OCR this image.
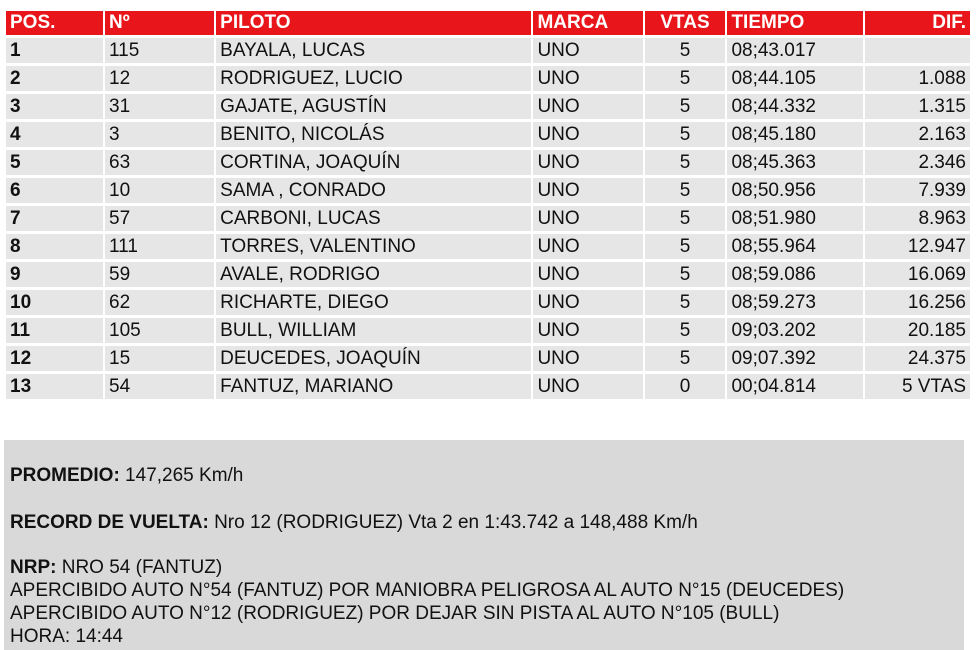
POS.	Nº	PILOTO	MARCA	VTAS	TIEMPO	DIF.
1	115	BAYALA, LUCAS	UNO	5	08;43.017	
2	12	RODRIGUEZ, LUCIO	UNO	5	08;44.105	1.088
3	31	GAJATE, AGUSTÍN	UNO	5	08;44.332	1.315
4	3	BENITO, NICOLÁS	UNO	5	08;45.180	2.163
5	63	CORTINA, JOAQUÍN	UNO	5	08;45.363	2.346
6	10	SAMA , CONRADO	UNO	5	08;50.956	7.939
7	57	CARBONI, LUCAS	UNO	5	08;51.980	8.963
8	111	TORRES, VALENTINO	UNO	5	08;55.964	12.947
9	59	AVALE, RODRIGO	UNO	5	08;59.086	16.069
10	62	RICHARTE, DIEGO	UNO	5	08;59.273	16.256
11	105	BULL, WILLIAM	UNO	5	09;03.202	20.185
12	15	DEUCEDES, JOAQUÍN	UNO	5	09;07.392	24.375
13	54	FANTUZ, MARIANO	UNO	0	00;04.814	5 VTAS
PROMEDIO: 147,265 Km/h
RECORD DE VUELTA: Nro 12 (RODRIGUEZ) Vta 2 en 1:43.742 a 148,488 Km/h
NRP: NRO 54 (FANTUZ)
APERCIBIDO AUTO N°54 (FANTUZ) POR MANIOBRA PELIGROSA AL AUTO N°15 (DEUCEDES)
APERCIBIDO AUTO N°12 (RODRIGUEZ) POR DEJAR SIN PISTA AL AUTO N°105 (BULL)
HORA: 14:44
